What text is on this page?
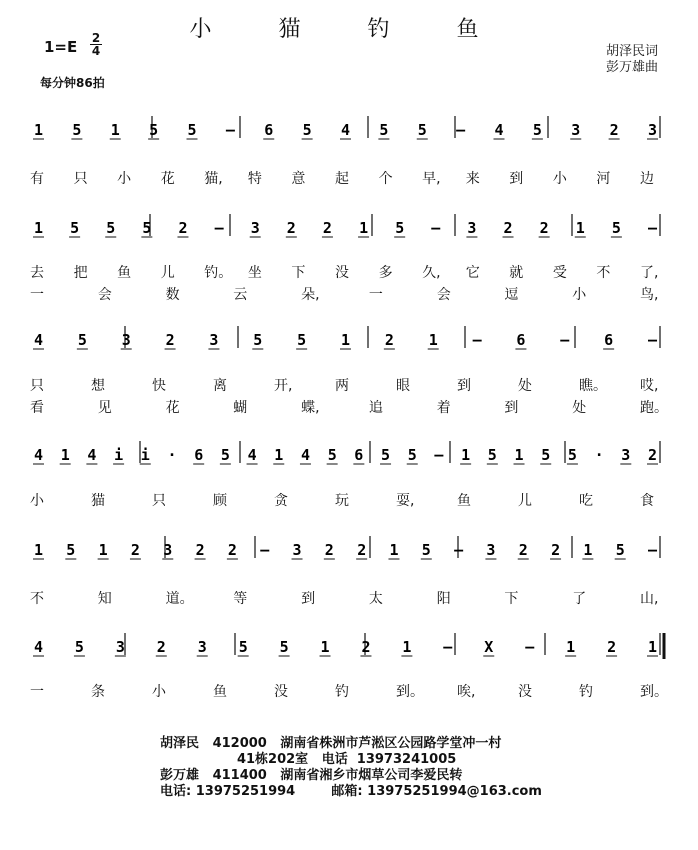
小 猫 钓 鱼
1=E 2
4
每分钟86拍
胡泽民词
彭万雄曲
1 5 1 5 5 – 6 5 4 5 5 – 4 5 3 2 3
1 5 5 5 2 – 3 2 2 1 5 – 3 2 2 1 5 –
4 5 3 2 3 5 5 1 2 1 – 6 – 6 –
4 1 4 i i · 6 5 4 1 4 5 6 5 5 – 1 5 1 5 5 · 3 2
1 5 1 2 3 2 2 – 3 2 2 1 5 – 3 2 2 1 5 –
4 5 3 2 3 5 5 1 2 1 – X – 1 2 1
有 只 小 花 猫, 特 意 起 个 早, 来 到 小 河 边
去 把 鱼 儿 钓。 坐 下 没 多 久, 它 就 受 不 了,
一	会	数	云	朵,	一	会	逗	小	鸟,
只	想	快	离	开,	两	眼	到	处	瞧。 哎,
看	见	花	蝴	蝶,	追	着	到	处	跑。
小	猫	只	顾	贪	玩	耍,	鱼	儿	吃	食
不	知	道。	等	到	太	阳	下	了	山,
一	条	小	鱼	没	钓	到。 唉,	没	钓	到。
胡泽民   412000   湖南省株洲市芦淞区公园路学堂冲一村
41栋202室   电话  13973241005
彭万雄   411400   湖南省湘乡市烟草公司李爱民转
电话: 13975251994        邮箱: 13975251994@163.com
